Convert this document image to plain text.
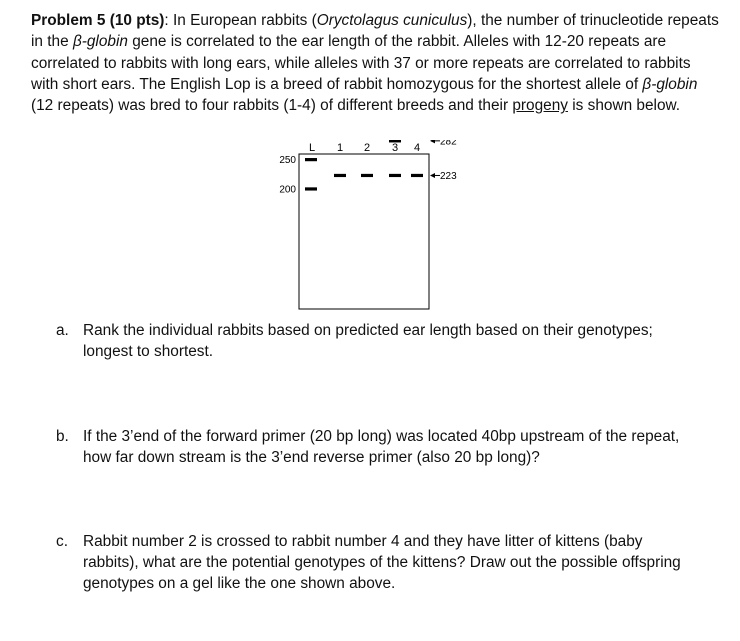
Problem 5 (10 pts): In European rabbits (Oryctolagus cuniculus), the number of trinucleotide repeats in the β-globin gene is correlated to the ear length of the rabbit. Alleles with 12-20 repeats are correlated to rabbits with long ears, while alleles with 37 or more repeats are correlated to rabbits with short ears. The English Lop is a breed of rabbit homozygous for the shortest allele of β-globin (12 repeats) was bred to four rabbits (1-4) of different breeds and their progeny is shown below.
L 1 2 3 4
250
200
282
223
a. Rank the individual rabbits based on predicted ear length based on their genotypes; longest to shortest.
b. If the 3’end of the forward primer (20 bp long) was located 40bp upstream of the repeat, how far down stream is the 3’end reverse primer (also 20 bp long)?
c. Rabbit number 2 is crossed to rabbit number 4 and they have litter of kittens (baby rabbits), what are the potential genotypes of the kittens? Draw out the possible offspring genotypes on a gel like the one shown above.
